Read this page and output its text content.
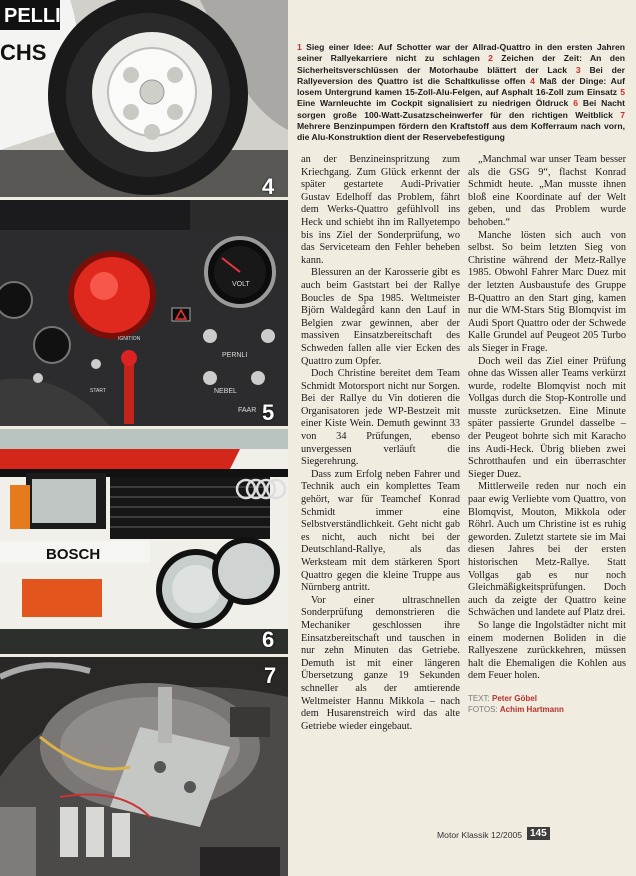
PELLI
CHS
4
VOLT
IGNITION
PERNLI
NEBEL
START
FAAR 5
BOSCH
6
7
1 Sieg einer Idee: Auf Schotter war der Allrad-Quattro in den ersten Jahren seiner Rallyekarriere nicht zu schlagen 2 Zeichen der Zeit: An den Sicherheitsverschlüssen der Motorhaube blättert der Lack 3 Bei der Rallyeversion des Quattro ist die Schaltkulisse offen 4 Maß der Dinge: Auf losem Untergrund kamen 15-Zoll-Alu-Felgen, auf Asphalt 16-Zoll zum Einsatz 5 Eine Warnleuchte im Cockpit signalisiert zu niedrigen Öldruck 6 Bei Nacht sorgen große 100-Watt-Zusatzscheinwerfer für den richtigen Weitblick 7 Mehrere Benzinpumpen fördern den Kraftstoff aus dem Kofferraum nach vorn, die Alu-Konstruktion dient der Reservebefestigung

an der Benzineinspritzung zum Kriechgang. Zum Glück erkennt der später gestartete Audi-Privatier Gustav Edelhoff das Problem, fährt dem Werks-Quattro gefühlvoll ins Heck und schiebt ihn im Rallyetempo bis ins Ziel der Sonderprüfung, wo das Serviceteam den Fehler beheben kann.

Blessuren an der Karosserie gibt es auch beim Gaststart bei der Rallye Boucles de Spa 1985. Weltmeister Björn Waldegård kann den Lauf in Belgien zwar gewinnen, aber der massiven Einsatzbereitschaft des Schweden fallen alle vier Ecken des Quattro zum Opfer.

Doch Christine bereitet dem Team Schmidt Motorsport nicht nur Sorgen. Bei der Rallye du Vin dotieren die Organisatoren jede WP-Bestzeit mit einer Kiste Wein. Demuth gewinnt 33 von 34 Prüfungen, ebenso unvergessen verläuft die Siegerehrung.

Dass zum Erfolg neben Fahrer und Technik auch ein komplettes Team gehört, war für Teamchef Konrad Schmidt immer eine Selbstverständlichkeit. Geht nicht gab es nicht, auch nicht bei der Deutschland-Rallye, als das Werksteam mit dem stärkeren Sport Quattro gegen die kleine Truppe aus Nürnberg antritt.

Vor einer ultraschnellen Sonderprüfung demonstrieren die Mechaniker geschlossen ihre Einsatzbereitschaft und tauschen in nur zehn Minuten das Getriebe. Demuth ist mit einer längeren Übersetzung ganze 19 Sekunden schneller als der amtierende Weltmeister Hannu Mikkola – nach dem Husarenstreich wird das alte Getriebe wieder eingebaut.

„Manchmal war unser Team besser als die GSG 9“, flachst Konrad Schmidt heute. „Man musste ihnen bloß eine Koordinate auf der Welt geben, und das Problem wurde behoben.“

Manche lösten sich auch von selbst. So beim letzten Sieg von Christine während der Metz-Rallye 1985. Obwohl Fahrer Marc Duez mit der letzten Ausbaustufe des Gruppe B-Quattro an den Start ging, kamen nur die WM-Stars Stig Blomqvist im Audi Sport Quattro oder der Schwede Kalle Grundel auf Peugeot 205 Turbo als Sieger in Frage.

Doch weil das Ziel einer Prüfung ohne das Wissen aller Teams verkürzt wurde, rodelte Blomqvist noch mit Vollgas durch die Stop-Kontrolle und musste zurücksetzen. Eine Minute später passierte Grundel dasselbe – der Peugeot bohrte sich mit Karacho ins Audi-Heck. Übrig blieben zwei Schrotthaufen und ein überraschter Sieger Duez.

Mittlerweile reden nur noch ein paar ewig Verliebte vom Quattro, von Blomqvist, Mouton, Mikkola oder Röhrl. Auch um Christine ist es ruhig geworden. Zuletzt startete sie im Mai diesen Jahres bei der ersten historischen Metz-Rallye. Statt Vollgas gab es nur noch Gleichmäßigkeitsprüfungen. Doch auch da zeigte der Quattro keine Schwächen und landete auf Platz drei.

So lange die Ingolstädter nicht mit einem modernen Boliden in die Rallyeszene zurückkehren, müssen halt die Ehemaligen die Kohlen aus dem Feuer holen.

TEXT: Peter Göbel
FOTOS: Achim Hartmann
Motor Klassik 12/2005 145
